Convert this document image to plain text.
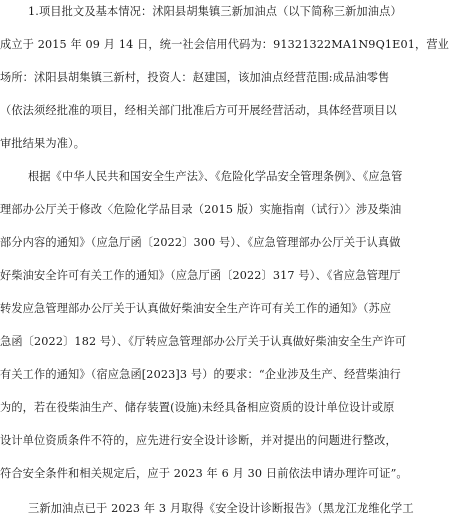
1.项目批文及基本情况：沭阳县胡集镇三新加油点（以下简称三新加油点）
成立于 2015 年 09 月 14 日，统一社会信用代码为：91321322MA1N9Q1E01，营业
场所：沭阳县胡集镇三新村，投资人：赵建国，该加油点经营范围:成品油零售
（依法须经批准的项目，经相关部门批准后方可开展经营活动，具体经营项目以
审批结果为准）。
根据《中华人民共和国安全生产法》、《危险化学品安全管理条例》、《应急管
理部办公厅关于修改〈危险化学品目录（2015 版）实施指南（试行）〉涉及柴油
部分内容的通知》（应急厅函〔2022〕300 号）、《应急管理部办公厅关于认真做
好柴油安全许可有关工作的通知》（应急厅函〔2022〕317 号）、《省应急管理厅
转发应急管理部办公厅关于认真做好柴油安全生产许可有关工作的通知》（苏应
急函〔2022〕182 号）、《厅转应急管理部办公厅关于认真做好柴油安全生产许可
有关工作的通知》（宿应急函[2023]3 号）的要求：“企业涉及生产、经营柴油行
为的，若在役柴油生产、储存装置(设施)未经具备相应资质的设计单位设计或原
设计单位资质条件不符的，应先进行安全设计诊断，并对提出的问题进行整改，
符合安全条件和相关规定后，应于 2023 年 6 月 30 日前依法申请办理许可证”。
三新加油点已于 2023 年 3 月取得《安全设计诊断报告》（黑龙江龙维化学工
